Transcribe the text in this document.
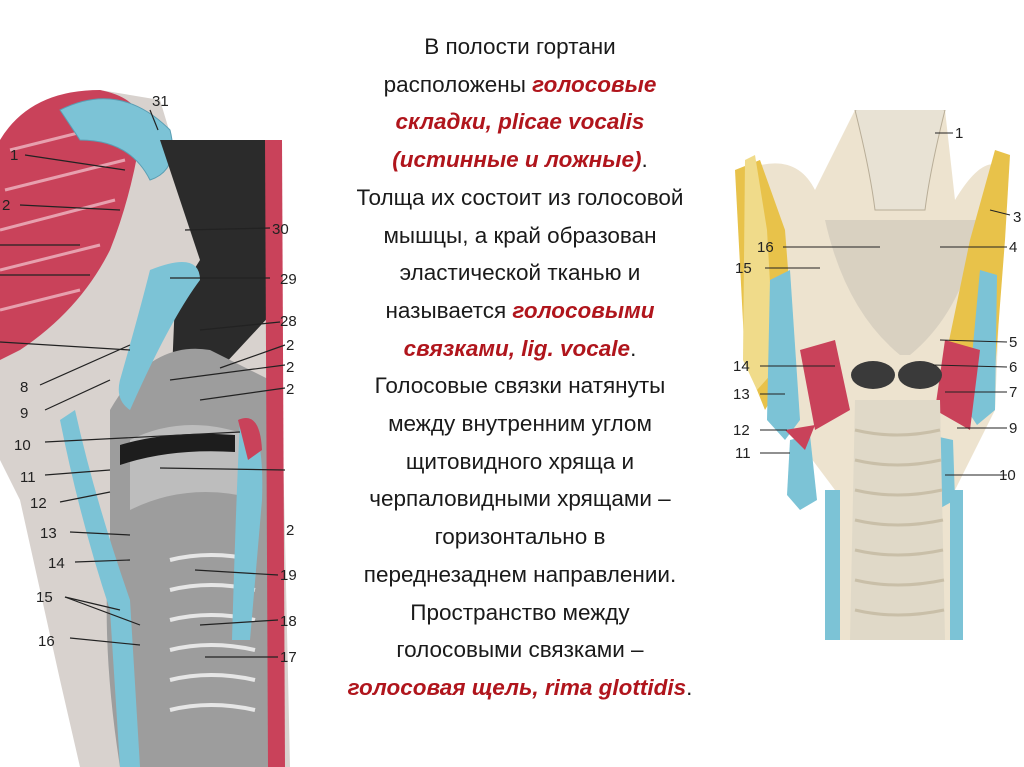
31
1
2
8
9
10
11
12
13
14
15
16
30
29
28
2
2
2
2
19
18
17
В полости гортани
расположены голосовые
складки, plicae vocalis
(истинные и ложные).
Толща их состоит из голосовой
мышцы, а край образован
эластической тканью и
называется голосовыми
связками, lig. vocale.
Голосовые связки натянуты
между внутренним углом
щитовидного хряща и
черпаловидными хрящами –
горизонтально в
переднезаднем направлении.
Пространство между
голосовыми связками –
голосовая щель, rima glottidis.
1
3
4
5
6
7
9
10
16
15
14
13
12
11
